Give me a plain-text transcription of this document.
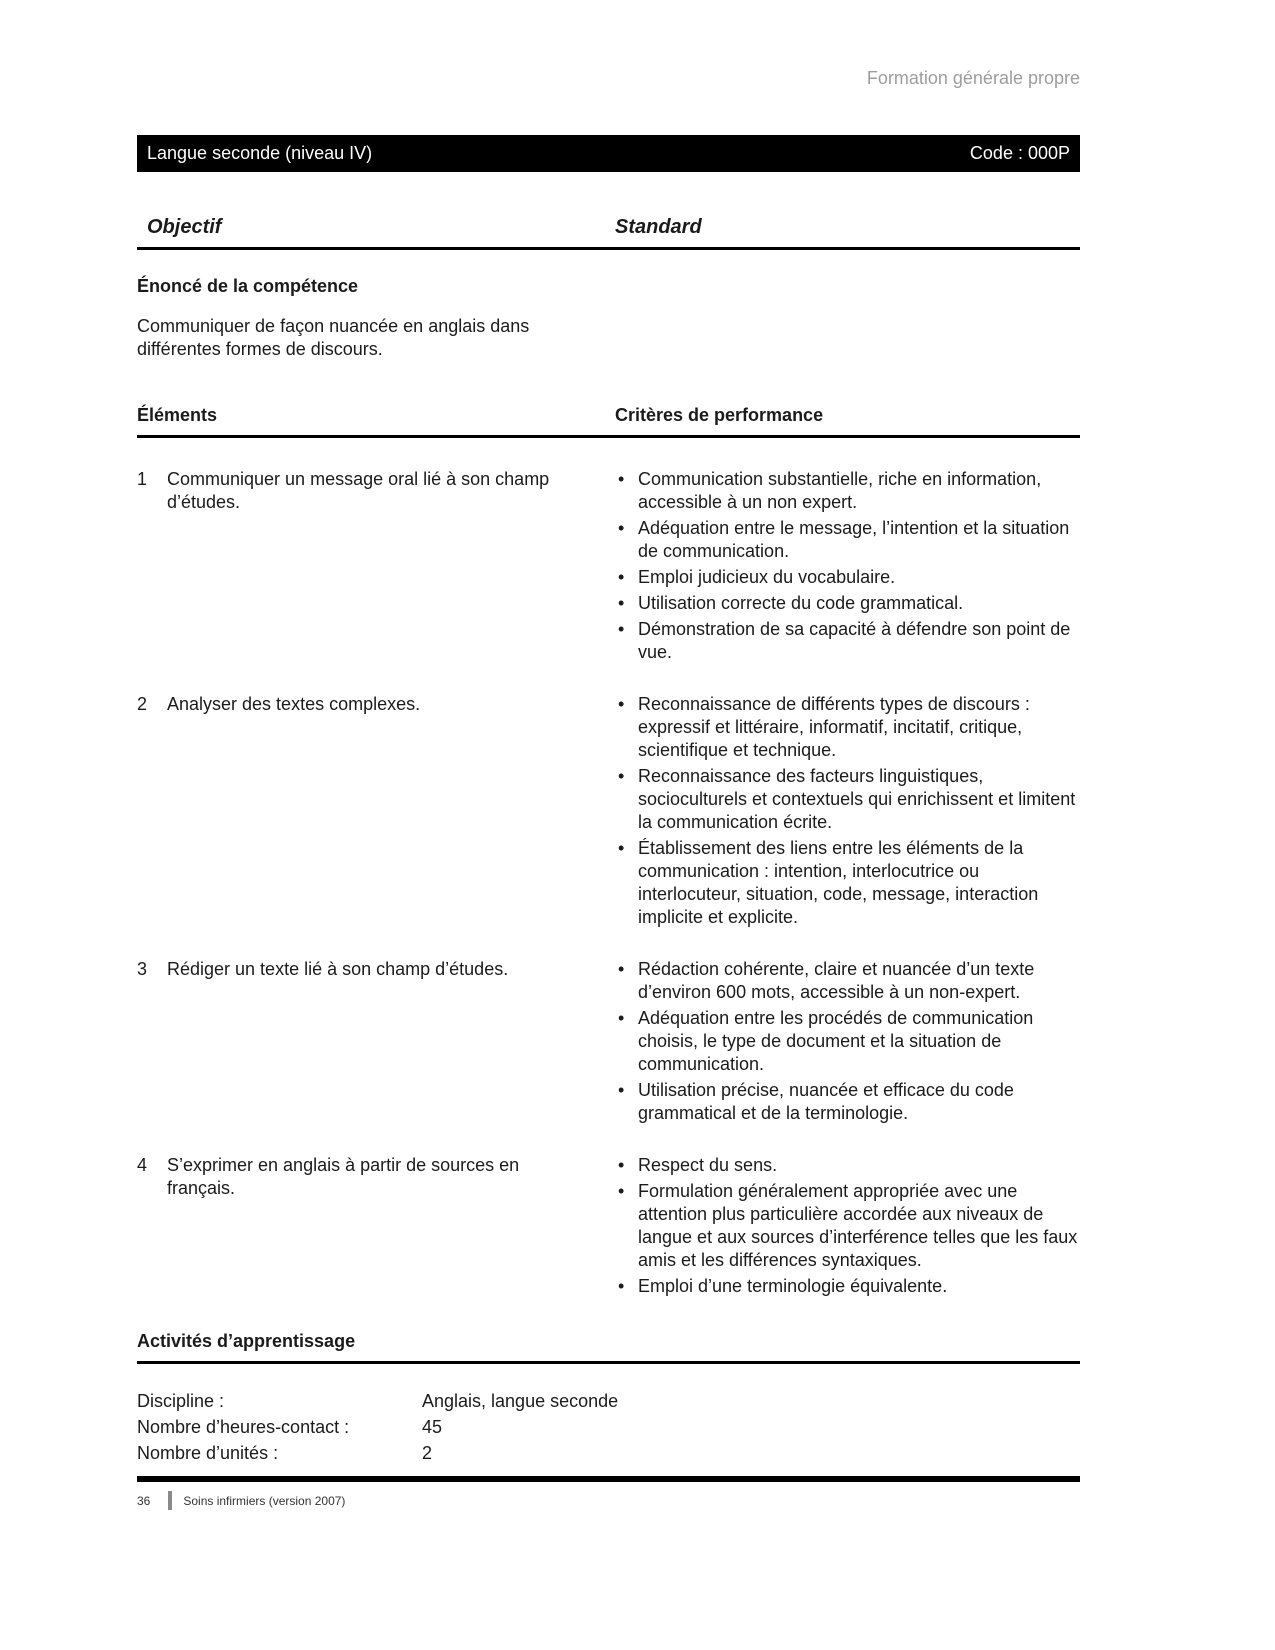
Formation générale propre
Langue seconde (niveau IV)	Code : 000P
Objectif	Standard
Énoncé de la compétence
Communiquer de façon nuancée en anglais dans différentes formes de discours.
Éléments	Critères de performance
1	Communiquer un message oral lié à son champ d’études.
• Communication substantielle, riche en information, accessible à un non expert.
• Adéquation entre le message, l’intention et la situation de communication.
• Emploi judicieux du vocabulaire.
• Utilisation correcte du code grammatical.
• Démonstration de sa capacité à défendre son point de vue.
2	Analyser des textes complexes.	• Reconnaissance de différents types de discours : expressif et littéraire, informatif, incitatif, critique, scientifique et technique.
• Reconnaissance des facteurs linguistiques, socioculturels et contextuels qui enrichissent et limitent la communication écrite.
• Établissement des liens entre les éléments de la communication : intention, interlocutrice ou interlocuteur, situation, code, message, interaction implicite et explicite.
3	Rédiger un texte lié à son champ d’études.	• Rédaction cohérente, claire et nuancée d’un texte d’environ 600 mots, accessible à un non-expert.
• Adéquation entre les procédés de communication choisis, le type de document et la situation de communication.
• Utilisation précise, nuancée et efficace du code grammatical et de la terminologie.
4	S’exprimer en anglais à partir de sources en français.
• Respect du sens.
• Formulation généralement appropriée avec une attention plus particulière accordée aux niveaux de langue et aux sources d’interférence telles que les faux amis et les différences syntaxiques.
• Emploi d’une terminologie équivalente.
Activités d’apprentissage
Discipline :	Anglais, langue seconde
Nombre d’heures-contact :	45
Nombre d’unités :	2
36	Soins infirmiers (version 2007)
